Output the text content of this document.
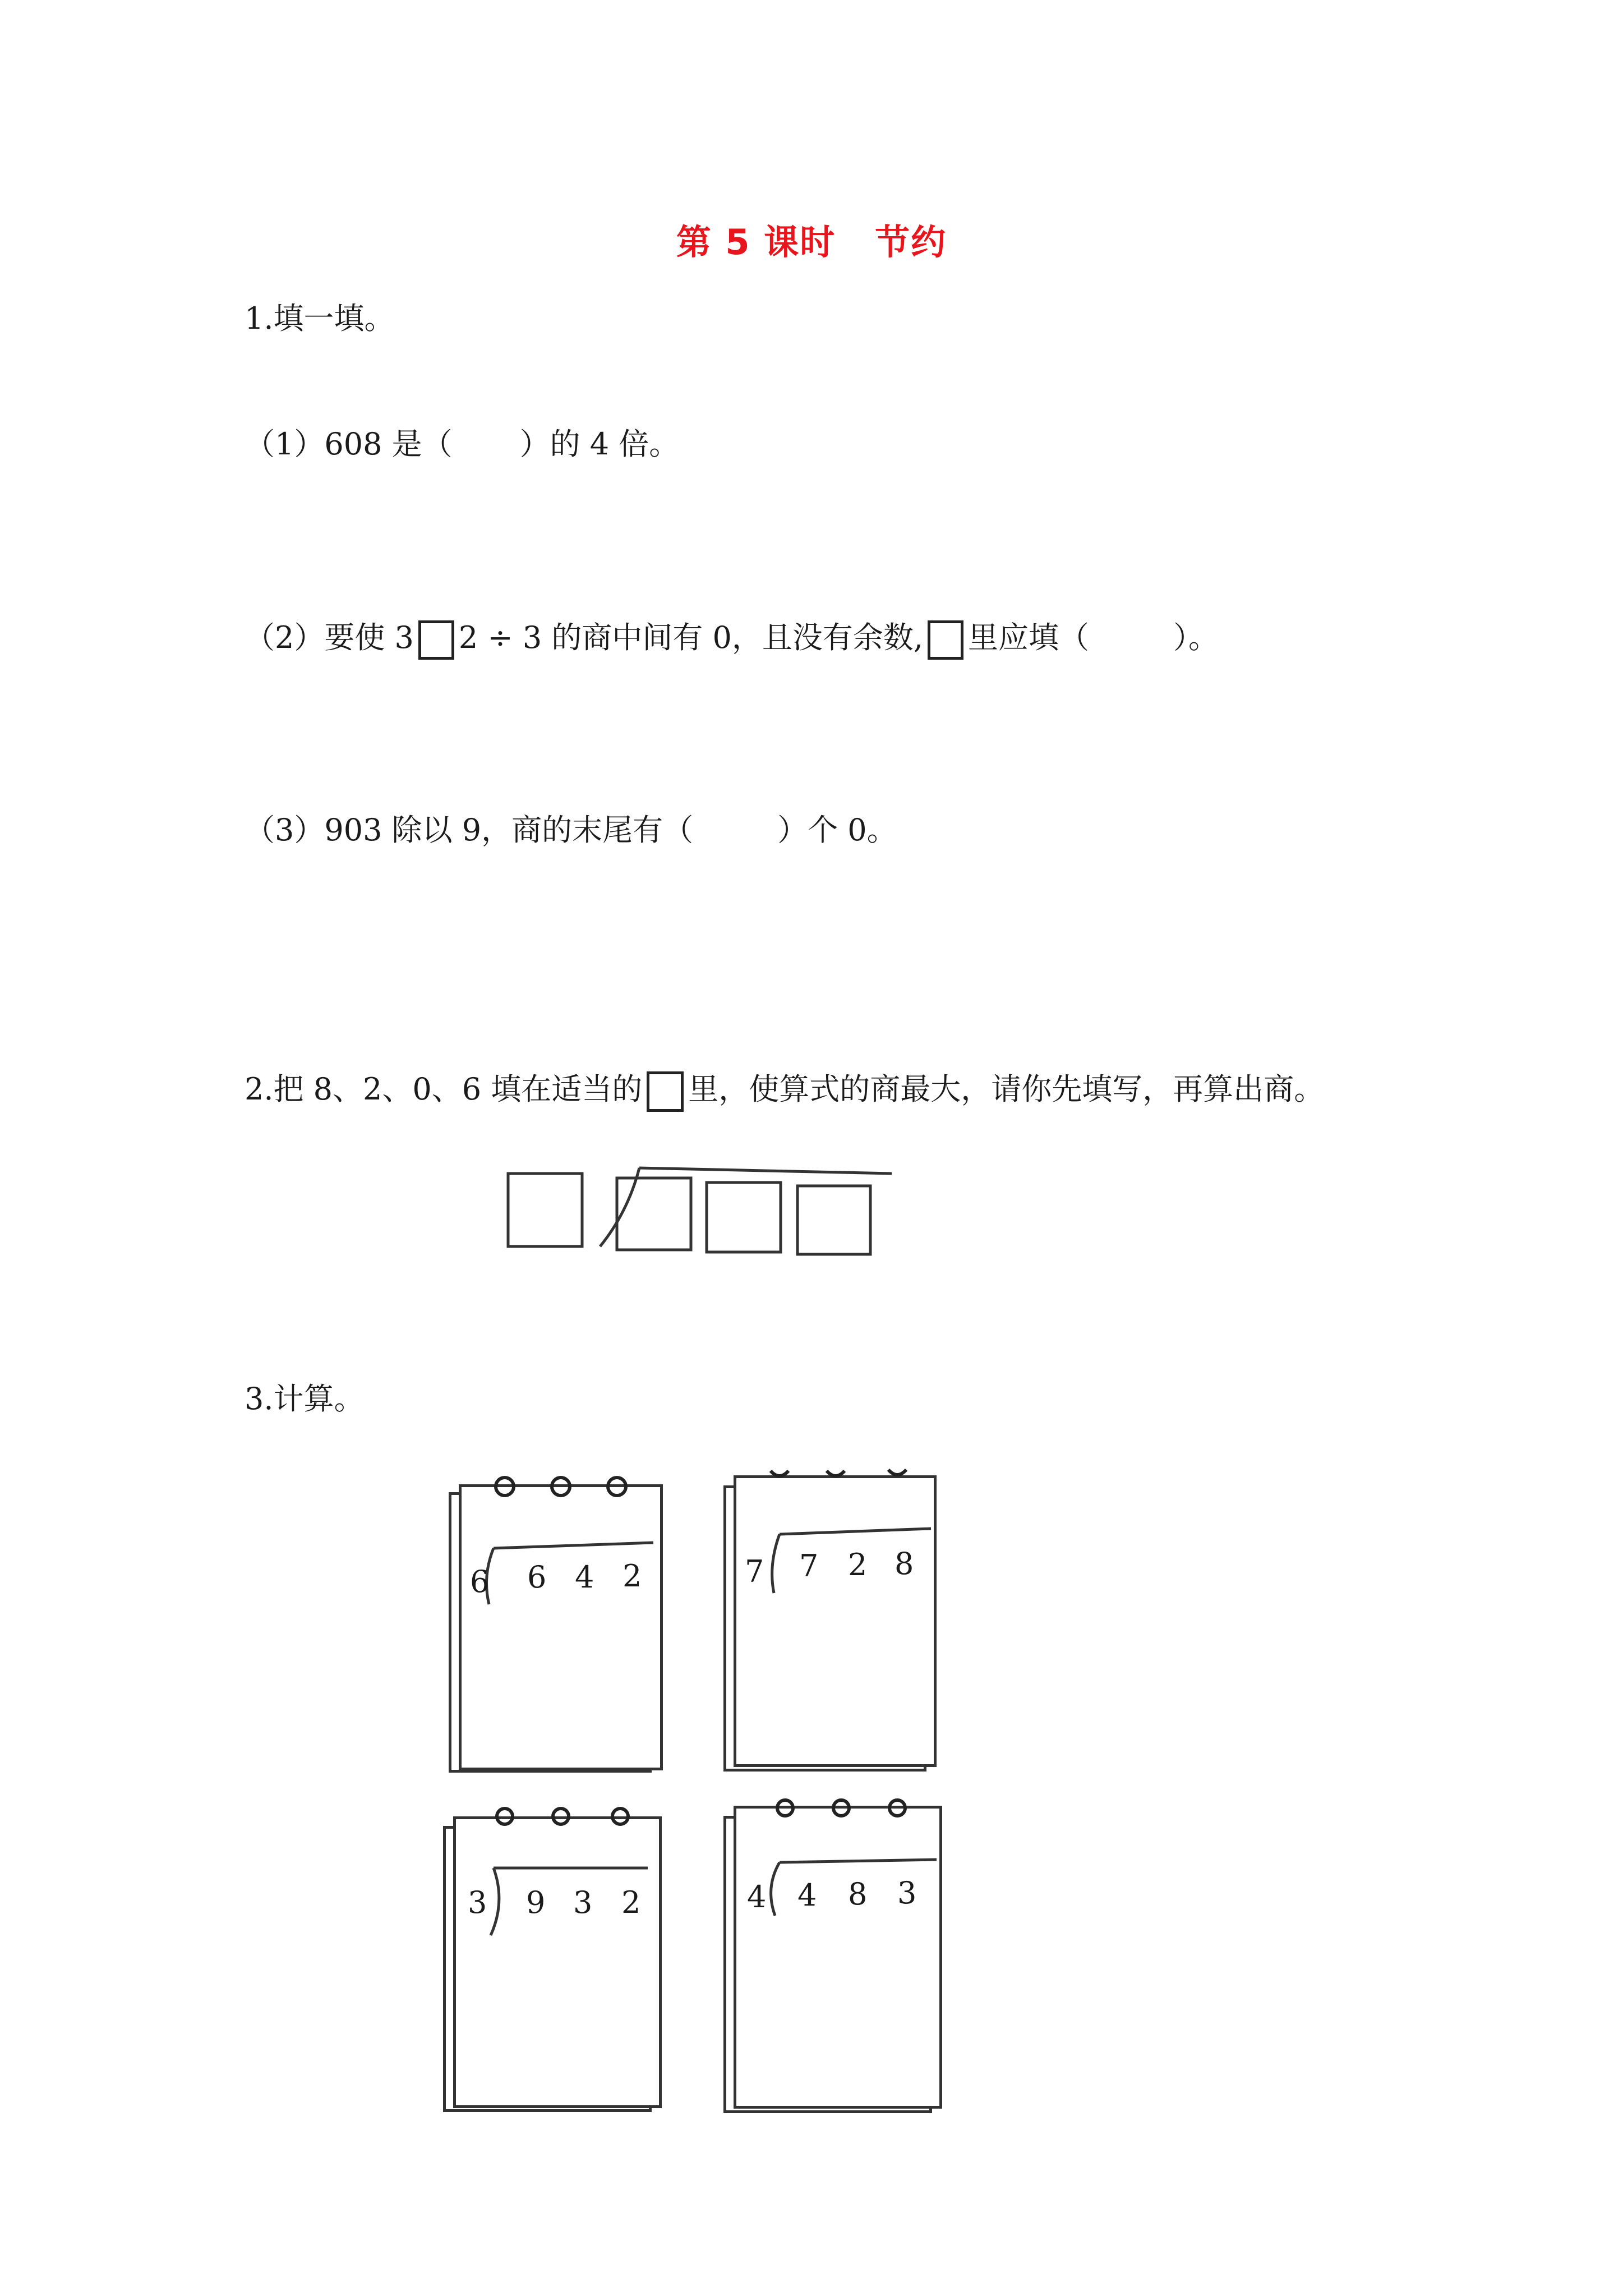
第 5 课时 节约
1.填一填。
（1）608 是（ ）的 4 倍。
（2）要使 3 2 ÷ 3 的商中间有 0，且没有余数, 里应填（	）。
（3）903 除以 9，商的末尾有（	）个 0。
2.把 8、2、0、6 填在适当的 里，使算式的商最大，请你先填写，再算出商。
3.计算。
6 6 4 2	7 7 2 8
3 9 3 2	4 4 8 3
